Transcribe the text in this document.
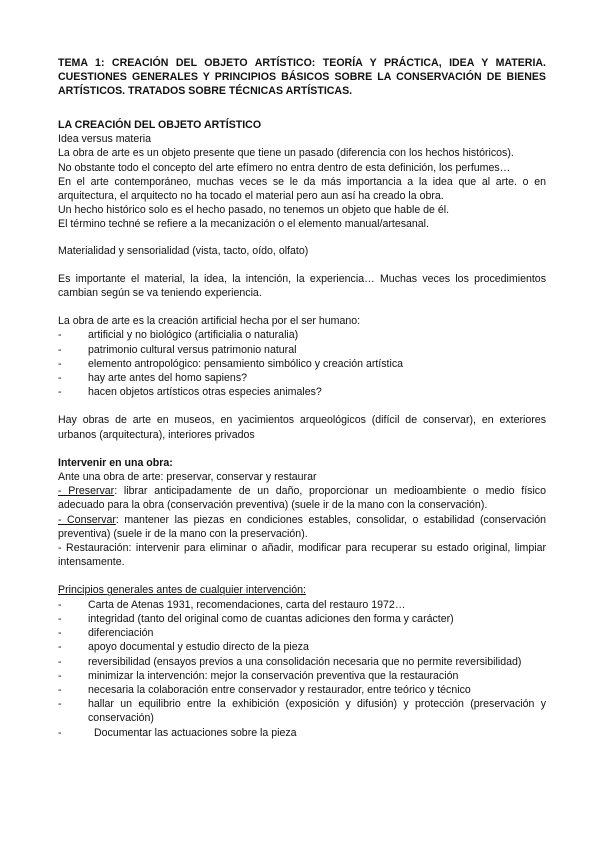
TEMA 1: CREACIÓN DEL OBJETO ARTÍSTICO: TEORÍA Y PRÁCTICA, IDEA Y MATERIA. CUESTIONES GENERALES Y PRINCIPIOS BÁSICOS SOBRE LA CONSERVACIÓN DE BIENES ARTÍSTICOS. TRATADOS SOBRE TÉCNICAS ARTÍSTICAS.

LA CREACIÓN DEL OBJETO ARTÍSTICO

Idea versus materia

La obra de arte es un objeto presente que tiene un pasado (diferencia con los hechos históricos).

No obstante todo el concepto del arte efímero no entra dentro de esta definición, los perfumes…

En el arte contemporáneo, muchas veces se le da más importancia a la idea que al arte. o en arquitectura, el arquitecto no ha tocado el material pero aun así ha creado la obra.

Un hecho histórico solo es el hecho pasado, no tenemos un objeto que hable de él.

El término techné se refiere a la mecanización o el elemento manual/artesanal.

Materialidad y sensorialidad (vista, tacto, oído, olfato)

Es importante el material, la idea, la intención, la experiencia… Muchas veces los procedimientos cambian según se va teniendo experiencia.

La obra de arte es la creación artificial hecha por el ser humano:

- artificial y no biológico (artificialia o naturalia)
- patrimonio cultural versus patrimonio natural
- elemento antropológico: pensamiento simbólico y creación artística
- hay arte antes del homo sapiens?
- hacen objetos artísticos otras especies animales?

Hay obras de arte en museos, en yacimientos arqueológicos (difícil de conservar), en exteriores urbanos (arquitectura), interiores privados

Intervenir en una obra:

Ante una obra de arte: preservar, conservar y restaurar

- Preservar: librar anticipadamente de un daño, proporcionar un medioambiente o medio físico adecuado para la obra (conservación preventiva) (suele ir de la mano con la conservación).

- Conservar: mantener las piezas en condiciones estables, consolidar, o estabilidad (conservación preventiva) (suele ir de la mano con la preservación).

- Restauración: intervenir para eliminar o añadir, modificar para recuperar su estado original, limpiar intensamente.

Principios generales antes de cualquier intervención:

- Carta de Atenas 1931, recomendaciones, carta del restauro 1972…
- integridad (tanto del original como de cuantas adiciones den forma y carácter)
- diferenciación
- apoyo documental y estudio directo de la pieza
- reversibilidad (ensayos previos a una consolidación necesaria que no permite reversibilidad)
- minimizar la intervención: mejor la conservación preventiva que la restauración
- necesaria la colaboración entre conservador y restaurador, entre teórico y técnico
- hallar un equilibrio entre la exhibición (exposición y difusión) y protección (preservación y conservación)
- Documentar las actuaciones sobre la pieza
